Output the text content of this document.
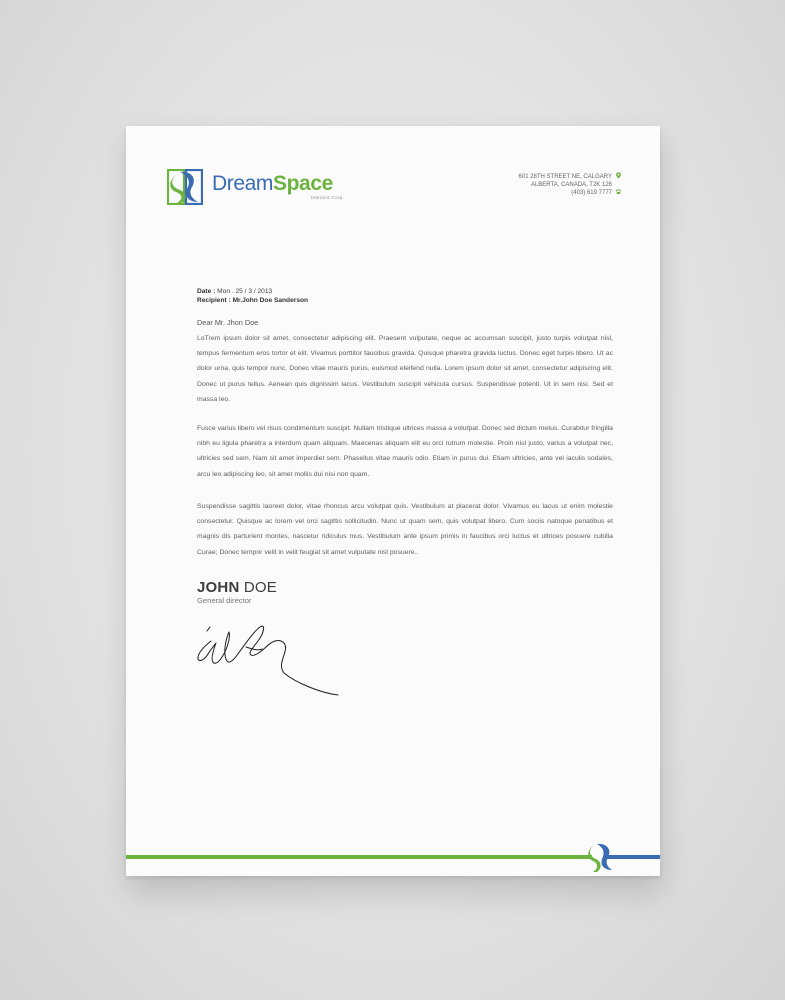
DreamSpace
Interiors Corp.
601 28TH STREET NE, CALGARY
ALBERTA, CANADA, T2K 126
(403) 619 7777
Date : Mon . 25 / 3 / 2013
Recipient : Mr.John Doe Sanderson
Dear Mr. Jhon Doe

LoTrem ipsum dolor sit amet, consectetur adipiscing elit. Praesent vulputate, neque ac accumsan suscipit, justo turpis volutpat nisl, tempus fermentum eros tortor et elit. Vivamus porttitor faucibus gravida. Quisque pharetra gravida luctus. Donec eget turpis libero. Ut ac dolor urna, quis tempor nunc. Donec vitae mauris purus, euismod eleifend nulla. Lorem ipsum dolor sit amet, consectetur adipiscing elit. Donec ut purus tellus. Aenean quis dignissim lacus. Vestibulum suscipit vehicula cursus. Suspendisse potenti. Ut in sem nisi. Sed et massa leo.

Fusce varius libero vel risus condimentum suscipit. Nullam tristique ultrices massa a volutpat. Donec sed dictum metus. Curabitur fringilla nibh eu ligula pharetra a interdum quam aliquam. Maecenas aliquam elit eu orci rutrum molestie. Proin nisl justo, varius a volutpat nec, ultricies sed sem. Nam sit amet imperdiet sem. Phasellus vitae mauris odio. Etiam in purus dui. Etiam ultricies, ante vel iaculis sodales, arcu leo adipiscing leo, sit amet mollis dui nisi non quam.

Suspendisse sagittis laoreet dolor, vitae rhoncus arcu volutpat quis. Vestibulum at placerat dolor. Vivamus eu lacus ut enim molestie consectetur. Quisque ac lorem vel orci sagittis sollicitudin. Nunc ut quam sem, quis volutpat libero. Cum sociis natoque penatibus et magnis dis parturient montes, nascetur ridiculus mus. Vestibulum ante ipsum primis in faucibus orci luctus et ultrices posuere cubilia Curae; Donec tempor velit in velit feugiat sit amet vulputate nisl posuere..

JOHN DOE
General director
